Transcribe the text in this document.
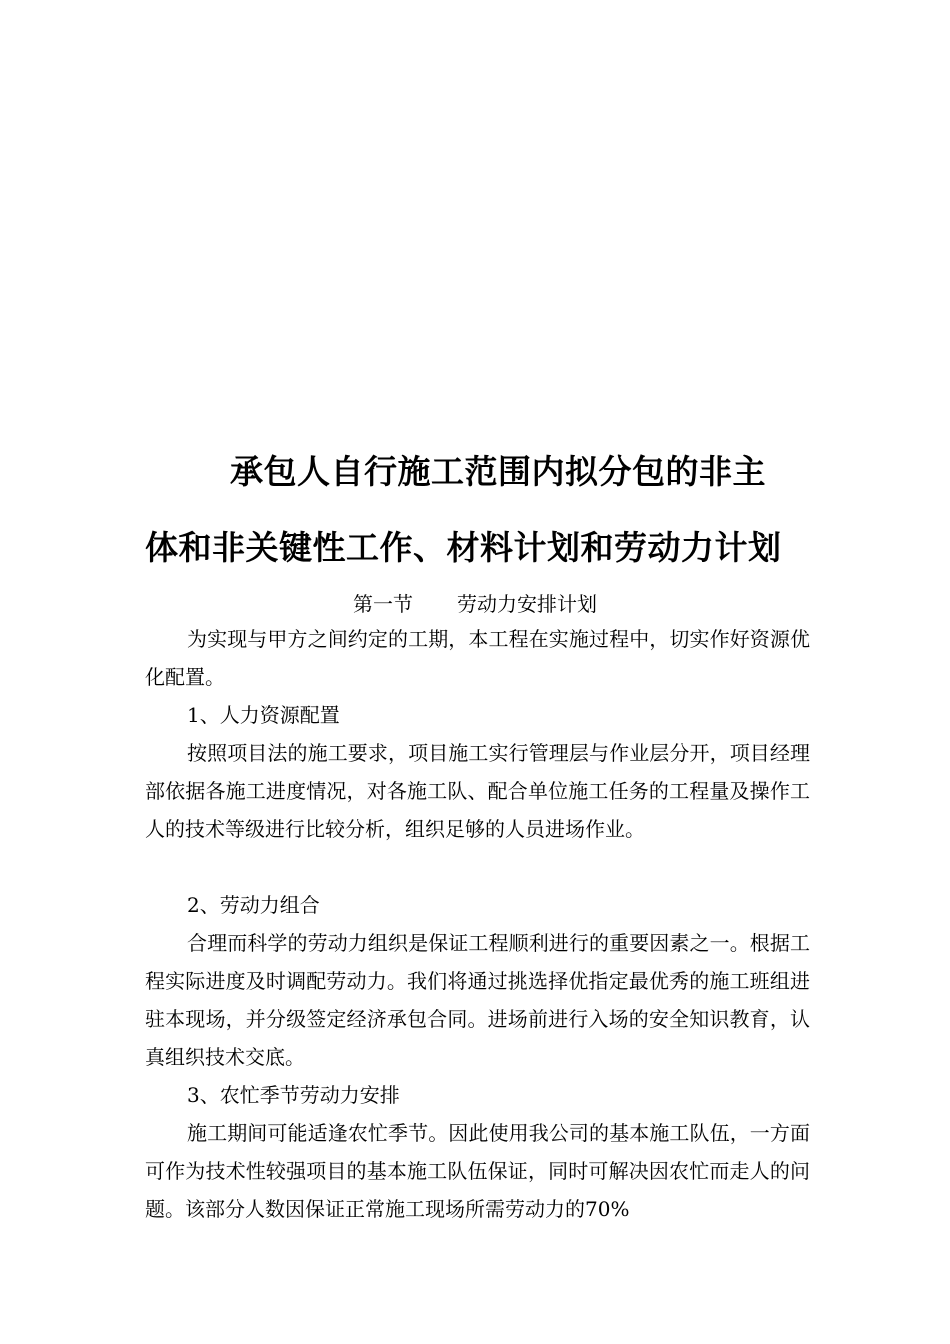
承包人自行施工范围内拟分包的非主
体和非关键性工作、材料计划和劳动力计划
第一节 劳动力安排计划

为实现与甲方之间约定的工期，本工程在实施过程中，切实作好资源优化配置。

1、人力资源配置

按照项目法的施工要求，项目施工实行管理层与作业层分开，项目经理部依据各施工进度情况，对各施工队、配合单位施工任务的工程量及操作工人的技术等级进行比较分析，组织足够的人员进场作业。

2、劳动力组合

合理而科学的劳动力组织是保证工程顺利进行的重要因素之一。根据工程实际进度及时调配劳动力。我们将通过挑选择优指定最优秀的施工班组进驻本现场，并分级签定经济承包合同。进场前进行入场的安全知识教育，认真组织技术交底。

3、农忙季节劳动力安排

施工期间可能适逢农忙季节。因此使用我公司的基本施工队伍，一方面可作为技术性较强项目的基本施工队伍保证，同时可解决因农忙而走人的问题。该部分人数因保证正常施工现场所需劳动力的70%
